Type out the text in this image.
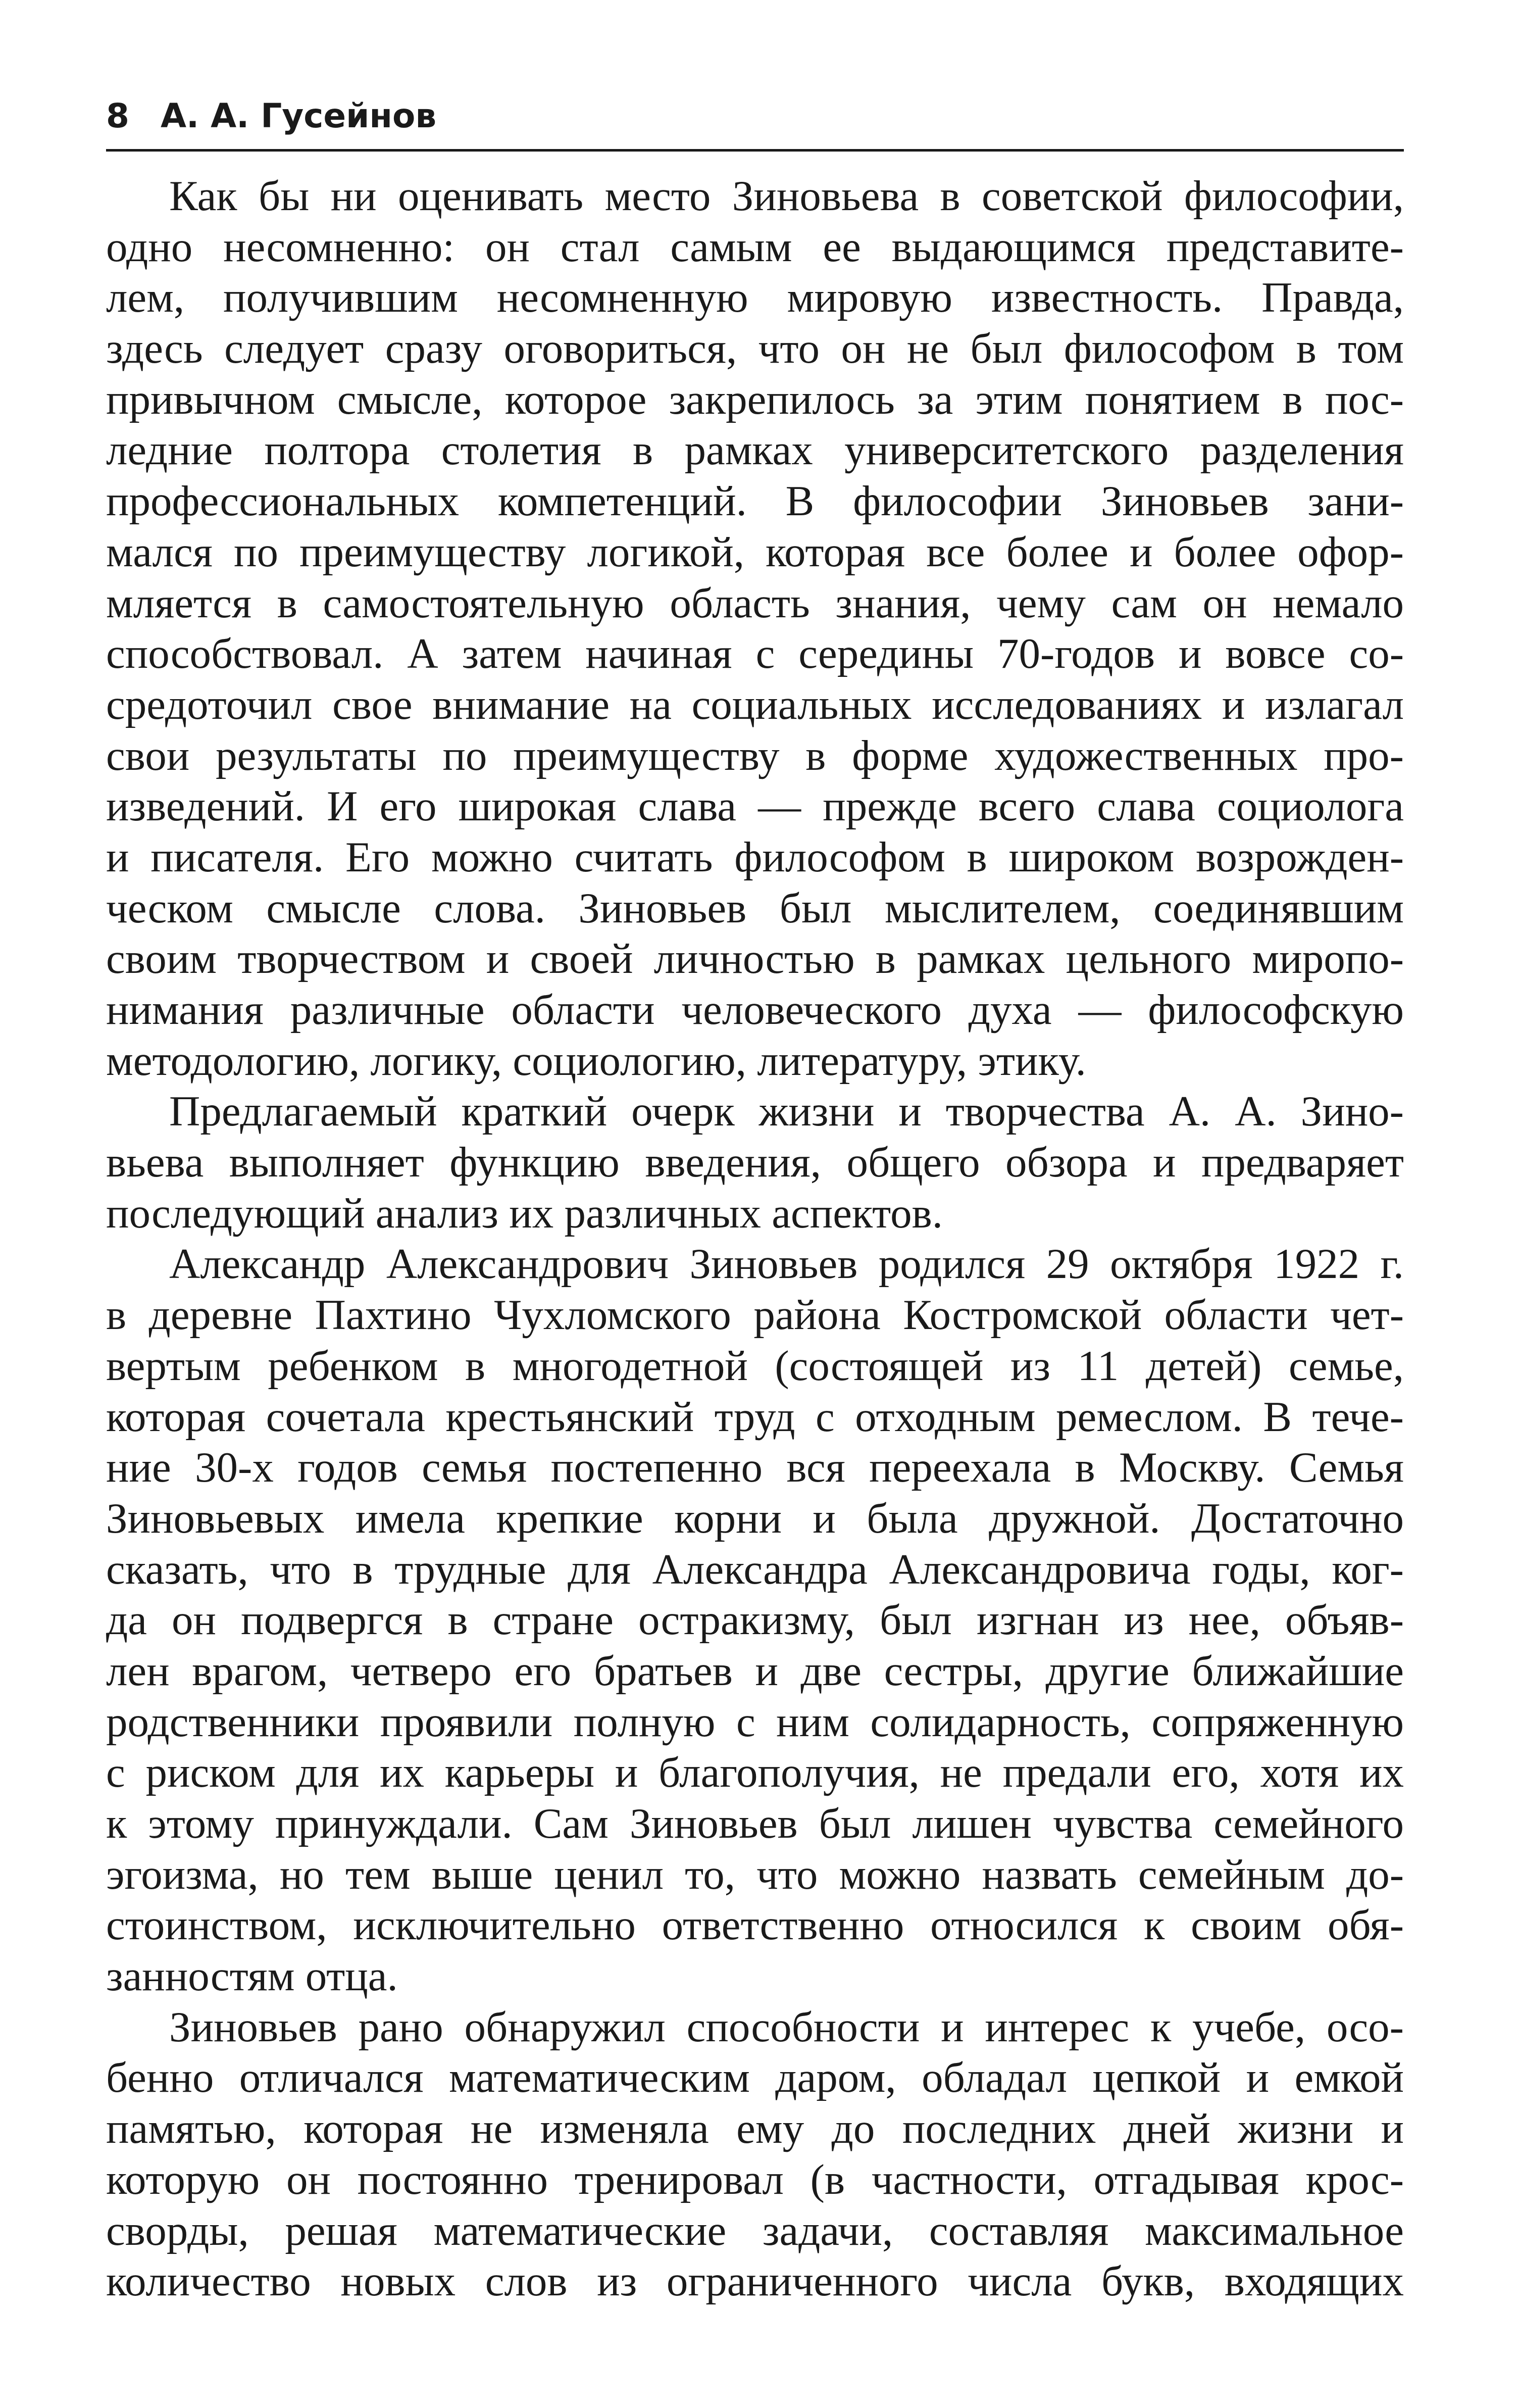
8 А. А. Гусейнов
Как бы ни оценивать место Зиновьева в советской философии,
одно несомненно: он стал самым ее выдающимся представите-
лем, получившим несомненную мировую известность. Правда,
здесь следует сразу оговориться, что он не был философом в том
привычном смысле, которое закрепилось за этим понятием в пос-
ледние полтора столетия в рамках университетского разделения
профессиональных компетенций. В философии Зиновьев зани-
мался по преимуществу логикой, которая все более и более офор-
мляется в самостоятельную область знания, чему сам он немало
способствовал. А затем начиная с середины 70-годов и вовсе со-
средоточил свое внимание на социальных исследованиях и излагал
свои результаты по преимуществу в форме художественных про-
изведений. И его широкая слава — прежде всего слава социолога
и писателя. Его можно считать философом в широком возрожден-
ческом смысле слова. Зиновьев был мыслителем, соединявшим
своим творчеством и своей личностью в рамках цельного миропо-
нимания различные области человеческого духа — философскую
методологию, логику, социологию, литературу, этику.
Предлагаемый краткий очерк жизни и творчества А. А. Зино-
вьева выполняет функцию введения, общего обзора и предваряет
последующий анализ их различных аспектов.
Александр Александрович Зиновьев родился 29 октября 1922 г.
в деревне Пахтино Чухломского района Костромской области чет-
вертым ребенком в многодетной (состоящей из 11 детей) семье,
которая сочетала крестьянский труд с отходным ремеслом. В тече-
ние 30-х годов семья постепенно вся переехала в Москву. Семья
Зиновьевых имела крепкие корни и была дружной. Достаточно
сказать, что в трудные для Александра Александровича годы, ког-
да он подвергся в стране остракизму, был изгнан из нее, объяв-
лен врагом, четверо его братьев и две сестры, другие ближайшие
родственники проявили полную с ним солидарность, сопряженную
с риском для их карьеры и благополучия, не предали его, хотя их
к этому принуждали. Сам Зиновьев был лишен чувства семейного
эгоизма, но тем выше ценил то, что можно назвать семейным до-
стоинством, исключительно ответственно относился к своим обя-
занностям отца.
Зиновьев рано обнаружил способности и интерес к учебе, осо-
бенно отличался математическим даром, обладал цепкой и емкой
памятью, которая не изменяла ему до последних дней жизни и
которую он постоянно тренировал (в частности, отгадывая крос-
сворды, решая математические задачи, составляя максимальное
количество новых слов из ограниченного числа букв, входящих
